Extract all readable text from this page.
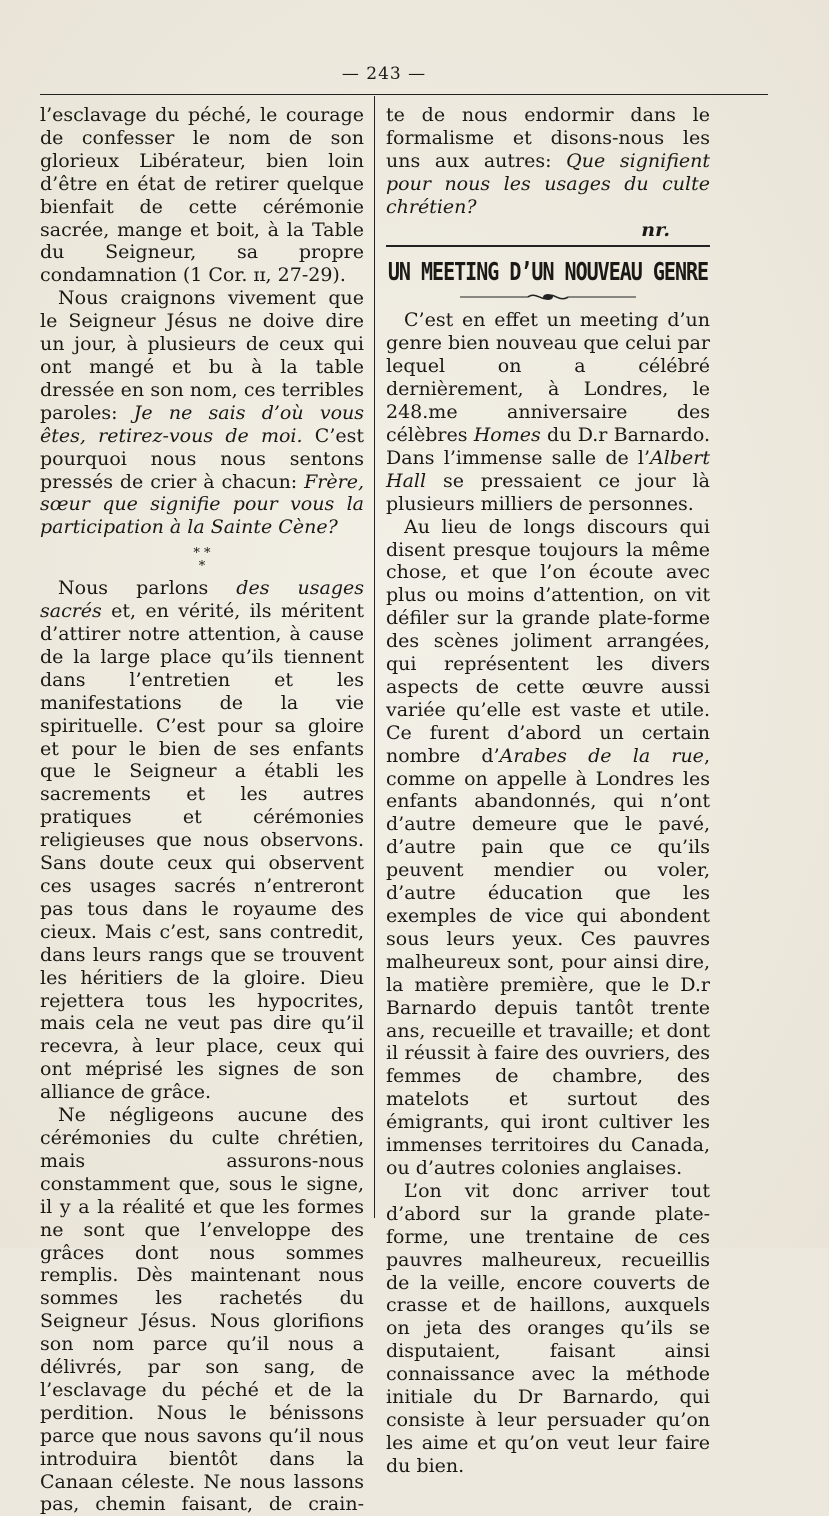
— 243 —

l’esclavage du péché, le courage de confesser le nom de son glorieux Libérateur, bien loin d’être en état de retirer quelque bienfait de cette cérémonie sacrée, mange et boit, à la Table du Seigneur, sa propre condamnation (1 Cor. ɪɪ, 27-29).

Nous craignons vivement que le Seigneur Jésus ne doive dire un jour, à plusieurs de ceux qui ont mangé et bu à la table dressée en son nom, ces terribles paroles: Je ne sais d’où vous êtes, retirez-vous de moi. C’est pourquoi nous nous sentons pressés de crier à chacun: Frère, sœur que signifie pour vous la participation à la Sainte Cène?

* *
*

Nous parlons des usages sacrés et, en vérité, ils méritent d’attirer notre attention, à cause de la large place qu’ils tiennent dans l’entretien et les manifestations de la vie spirituelle. C’est pour sa gloire et pour le bien de ses enfants que le Seigneur a établi les sacrements et les autres pratiques et cérémonies religieuses que nous observons. Sans doute ceux qui observent ces usages sacrés n’entreront pas tous dans le royaume des cieux. Mais c’est, sans contredit, dans leurs rangs que se trouvent les héritiers de la gloire. Dieu rejettera tous les hypocrites, mais cela ne veut pas dire qu’il recevra, à leur place, ceux qui ont méprisé les signes de son alliance de grâce.

Ne négligeons aucune des cérémonies du culte chrétien, mais assurons-nous constamment que, sous le signe, il y a la réalité et que les formes ne sont que l’enveloppe des grâces dont nous sommes remplis. Dès maintenant nous sommes les rachetés du Seigneur Jésus. Nous glorifions son nom parce qu’il nous a délivrés, par son sang, de l’esclavage du péché et de la perdition. Nous le bénissons parce que nous savons qu’il nous introduira bientôt dans la Canaan céleste. Ne nous lassons pas, chemin faisant, de crain-

te de nous endormir dans le formalisme et disons-nous les uns aux autres: Que signifient pour nous les usages du culte chrétien?

nr.

UN MEETING D’UN NOUVEAU GENRE

C’est en effet un meeting d’un genre bien nouveau que celui par lequel on a célébré dernièrement, à Londres, le 248.me anniversaire des célèbres Homes du D.r Barnardo. Dans l’immense salle de l’Albert Hall se pressaient ce jour là plusieurs milliers de personnes.

Au lieu de longs discours qui disent presque toujours la même chose, et que l’on écoute avec plus ou moins d’attention, on vit défiler sur la grande plate-forme des scènes joliment arrangées, qui représentent les divers aspects de cette œuvre aussi variée qu’elle est vaste et utile. Ce furent d’abord un certain nombre d’Arabes de la rue, comme on appelle à Londres les enfants abandonnés, qui n’ont d’autre demeure que le pavé, d’autre pain que ce qu’ils peuvent mendier ou voler, d’autre éducation que les exemples de vice qui abondent sous leurs yeux. Ces pauvres malheureux sont, pour ainsi dire, la matière première, que le D.r Barnardo depuis tantôt trente ans, recueille et travaille; et dont il réussit à faire des ouvriers, des femmes de chambre, des matelots et surtout des émigrants, qui iront cultiver les immenses territoires du Canada, ou d’autres colonies anglaises.

L’on vit donc arriver tout d’abord sur la grande plate-forme, une trentaine de ces pauvres malheureux, recueillis de la veille, encore couverts de crasse et de haillons, auxquels on jeta des oranges qu’ils se disputaient, faisant ainsi connaissance avec la méthode initiale du Dr Barnardo, qui consiste à leur persuader qu’on les aime et qu’on veut leur faire du bien.
